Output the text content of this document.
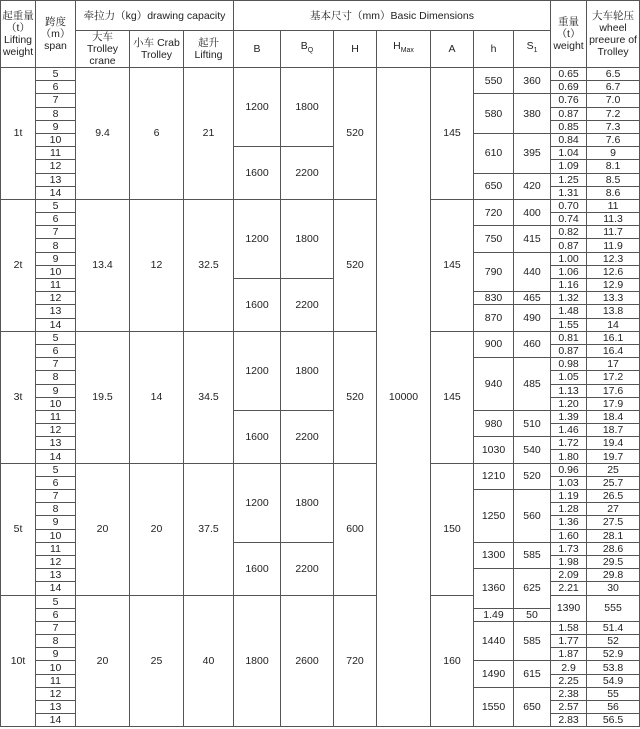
起重量
（t）
Lifting
weight	跨度
（m）
span	牵拉力（kg）drawing capacity			基本尺寸（mm）Basic Dimensions							重量
（t）
weight	大车轮压
wheel
preeure of
Trolley	

		大车 Trolley
crane	小车 Crab
Trolley	起升
Lifting	B	$B_Q$	H	$H_{Max}$	A	h	$S_1$
1t	5	9.4	6	21	1200	1800	520	10000	145	550	360	0.65	6.5	
	6											0.69	6.7	
	7									580	380	0.76	7.0	
	8											0.87	7.2	
	9											0.85	7.3	
	10									610	395	0.84	7.6	
	11				1600	2200						1.04	9	
	12											1.09	8.1	
	13									650	420	1.25	8.5	
	14											1.31	8.6	
2t	5	13.4	12	32.5	1200	1800	520		145	720	400	0.70	11	
	6											0.74	11.3	
	7									750	415	0.82	11.7	
	8											0.87	11.9	
	9									790	440	1.00	12.3	
	10											1.06	12.6	
	11				1600	2200						1.16	12.9	
	12									830	465	1.32	13.3	
	13									870	490	1.48	13.8	
	14											1.55	14	
3t	5	19.5	14	34.5	1200	1800	520		145	900	460	0.81	16.1	
	6											0.87	16.4	
	7									940	485	0.98	17	
	8											1.05	17.2	
	9											1.13	17.6	
	10											1.20	17.9	
	11				1600	2200				980	510	1.39	18.4	
	12											1.46	18.7	
	13									1030	540	1.72	19.4	
	14											1.80	19.7	
5t	5	20	20	37.5	1200	1800	600		150	1210	520	0.96	25	
	6											1.03	25.7	
	7									1250	560	1.19	26.5	
	8											1.28	27	
	9											1.36	27.5	
	10											1.60	28.1	
	11				1600	2200				1300	585	1.73	28.6	
	12											1.98	29.5	
	13									1360	625	2.09	29.8	
	14											2.21	30	
10t	5	20	25	40	1800	2600	720		160			1390	555		
	6									1.49	50			
	7									1440	585	1.58	51.4	
	8											1.77	52	
	9											1.87	52.9	
	10									1490	615	2.9	53.8	
	11											2.25	54.9	
	12									1550	650	2.38	55	
	13											2.57	56	
	14											2.83	56.5	
